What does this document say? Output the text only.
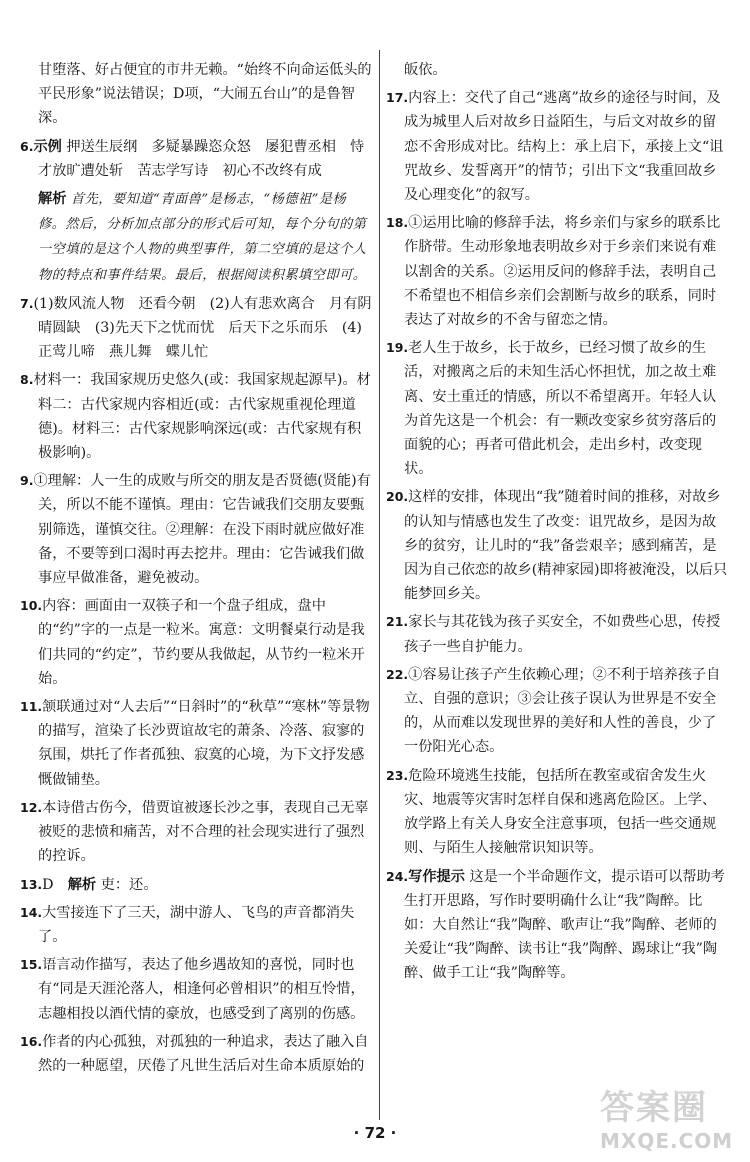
甘堕落、好占便宜的市井无赖。“始终不向命运低头的平民形象”说法错误；D项，“大闹五台山”的是鲁智深。

6.示例 押送生辰纲　多疑暴躁恣众怒　屡犯曹丞相　恃才放旷遭处斩　苦志学写诗　初心不改终有成

解析 首先，要知道“青面兽”是杨志，“杨德祖”是杨修。然后，分析加点部分的形式后可知，每个分句的第一空填的是这个人物的典型事件，第二空填的是这个人物的特点和事件结果。最后，根据阅读积累填空即可。

7.(1)数风流人物　还看今朝　(2)人有悲欢离合　月有阴晴圆缺　(3)先天下之忧而忧　后天下之乐而乐　(4)正莺儿啼　燕儿舞　蝶儿忙

8.材料一：我国家规历史悠久(或：我国家规起源早)。材料二：古代家规内容相近(或：古代家规重视伦理道德)。材料三：古代家规影响深远(或：古代家规有积极影响)。

9.①理解：人一生的成败与所交的朋友是否贤德(贤能)有关，所以不能不谨慎。理由：它告诫我们交朋友要甄别筛选，谨慎交往。②理解：在没下雨时就应做好准备，不要等到口渴时再去挖井。理由：它告诫我们做事应早做准备，避免被动。

10.内容：画面由一双筷子和一个盘子组成，盘中的“约”字的一点是一粒米。寓意：文明餐桌行动是我们共同的“约定”，节约要从我做起，从节约一粒米开始。

11.颔联通过对“人去后”“日斜时”的“秋草”“寒林”等景物的描写，渲染了长沙贾谊故宅的萧条、冷落、寂寥的氛围，烘托了作者孤独、寂寞的心境，为下文抒发感慨做铺垫。

12.本诗借古伤今，借贾谊被逐长沙之事，表现自己无辜被贬的悲愤和痛苦，对不合理的社会现实进行了强烈的控诉。

13.D　解析 吏：还。

14.大雪接连下了三天，湖中游人、飞鸟的声音都消失了。

15.语言动作描写，表达了他乡遇故知的喜悦，同时也有“同是天涯沦落人，相逢何必曾相识”的相互怜惜，志趣相投以酒代情的豪放，也感受到了离别的伤感。

16.作者的内心孤独，对孤独的一种追求，表达了融入自然的一种愿望，厌倦了凡世生活后对生命本质原始的

皈依。

17.内容上：交代了自己“逃离”故乡的途径与时间，及成为城里人后对故乡日益陌生，与后文对故乡的留恋不舍形成对比。结构上：承上启下，承接上文“诅咒故乡、发誓离开”的情节；引出下文“我重回故乡及心理变化”的叙写。

18.①运用比喻的修辞手法，将乡亲们与家乡的联系比作脐带。生动形象地表明故乡对于乡亲们来说有难以割舍的关系。②运用反问的修辞手法，表明自己不希望也不相信乡亲们会割断与故乡的联系，同时表达了对故乡的不舍与留恋之情。

19.老人生于故乡，长于故乡，已经习惯了故乡的生活，对搬离之后的未知生活心怀担忧，加之故土难离、安土重迁的情感，所以不希望离开。年轻人认为首先这是一个机会：有一颗改变家乡贫穷落后的面貌的心；再者可借此机会，走出乡村，改变现状。

20.这样的安排，体现出“我”随着时间的推移，对故乡的认知与情感也发生了改变：诅咒故乡，是因为故乡的贫穷，让儿时的“我”备尝艰辛；感到痛苦，是因为自己依恋的故乡(精神家园)即将被淹没，以后只能梦回乡关。

21.家长与其花钱为孩子买安全，不如费些心思，传授孩子一些自护能力。

22.①容易让孩子产生依赖心理；②不利于培养孩子自立、自强的意识；③会让孩子误认为世界是不安全的，从而难以发现世界的美好和人性的善良，少了一份阳光心态。

23.危险环境逃生技能，包括所在教室或宿舍发生火灾、地震等灾害时怎样自保和逃离危险区。上学、放学路上有关人身安全注意事项，包括一些交通规则、与陌生人接触常识知识等。

24.写作提示 这是一个半命题作文，提示语可以帮助考生打开思路，写作时要明确什么让“我”陶醉。比如：大自然让“我”陶醉、歌声让“我”陶醉、老师的关爱让“我”陶醉、读书让“我”陶醉、踢球让“我”陶醉、做手工让“我”陶醉等。

· 72 ·
答案圈
MXQE.COM
